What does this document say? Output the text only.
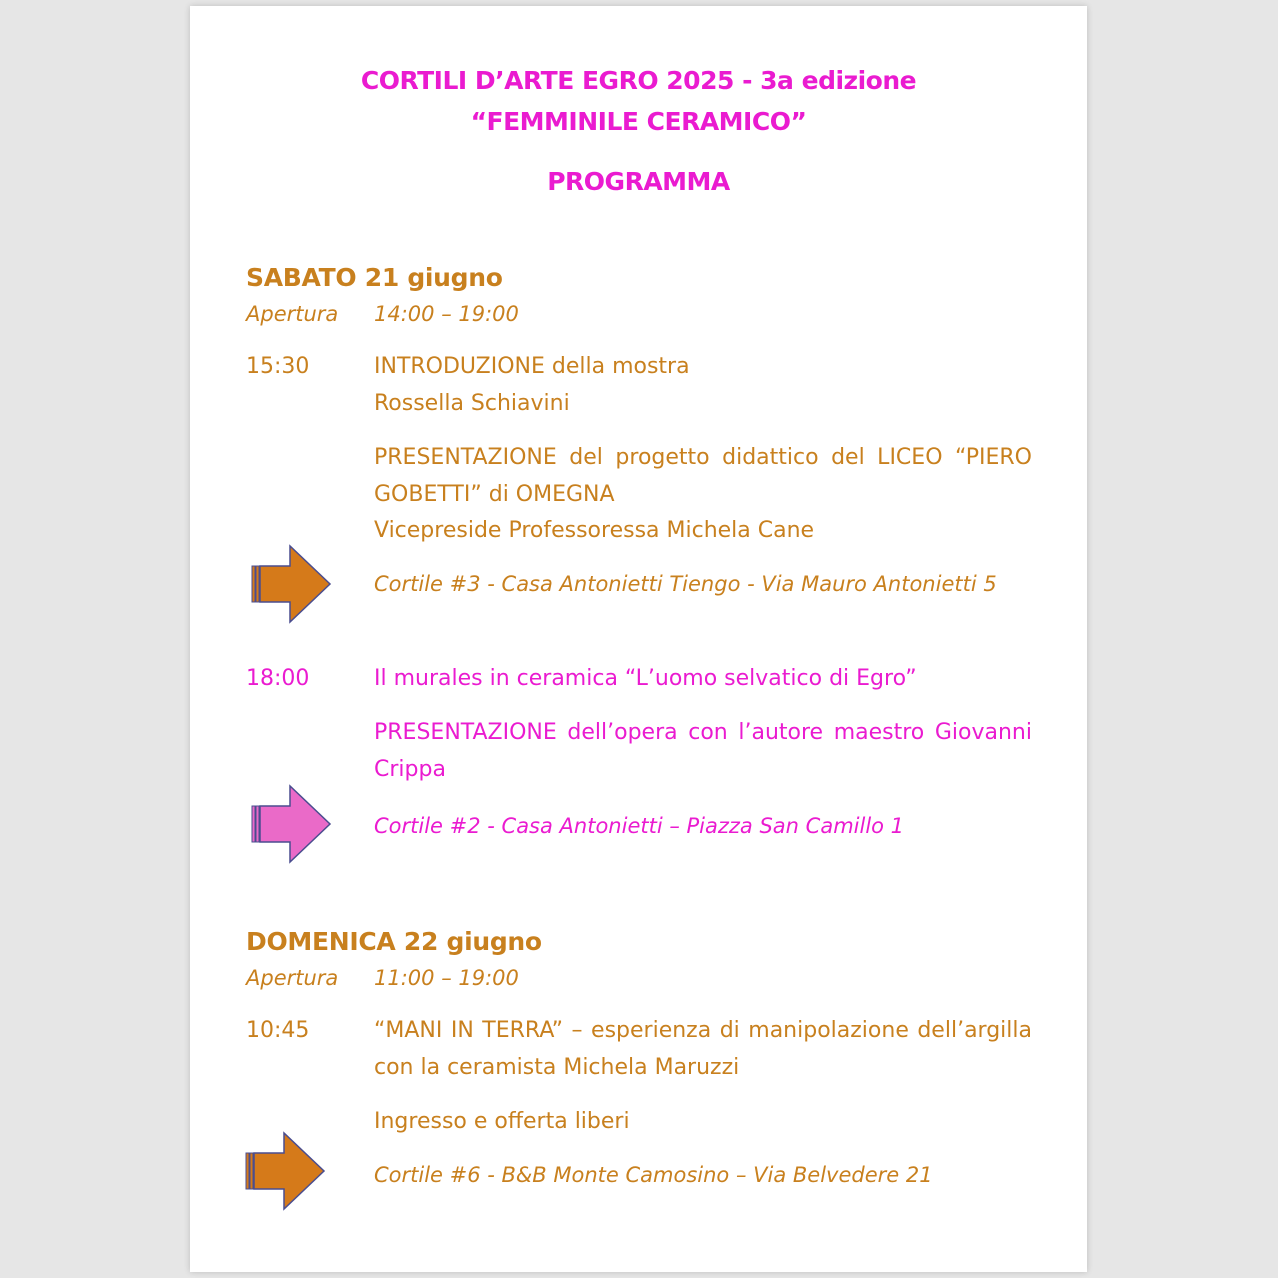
CORTILI D’ARTE EGRO 2025 - 3a edizione
“FEMMINILE CERAMICO”
PROGRAMMA
SABATO 21 giugno
Apertura 14:00 – 19:00
15:30	INTRODUZIONE della mostra
Rossella Schiavini
PRESENTAZIONE del progetto didattico del LICEO “PIERO
GOBETTI” di OMEGNA
Vicepreside Professoressa Michela Cane
Cortile #3 - Casa Antonietti Tiengo - Via Mauro Antonietti 5
18:00	Il murales in ceramica “L’uomo selvatico di Egro”
PRESENTAZIONE dell’opera con l’autore maestro Giovanni
Crippa
Cortile #2 - Casa Antonietti – Piazza San Camillo 1
DOMENICA 22 giugno
Apertura 11:00 – 19:00
10:45	“MANI IN TERRA” – esperienza di manipolazione dell’argilla
con la ceramista Michela Maruzzi
Ingresso e offerta liberi
Cortile #6 - B&B Monte Camosino – Via Belvedere 21
